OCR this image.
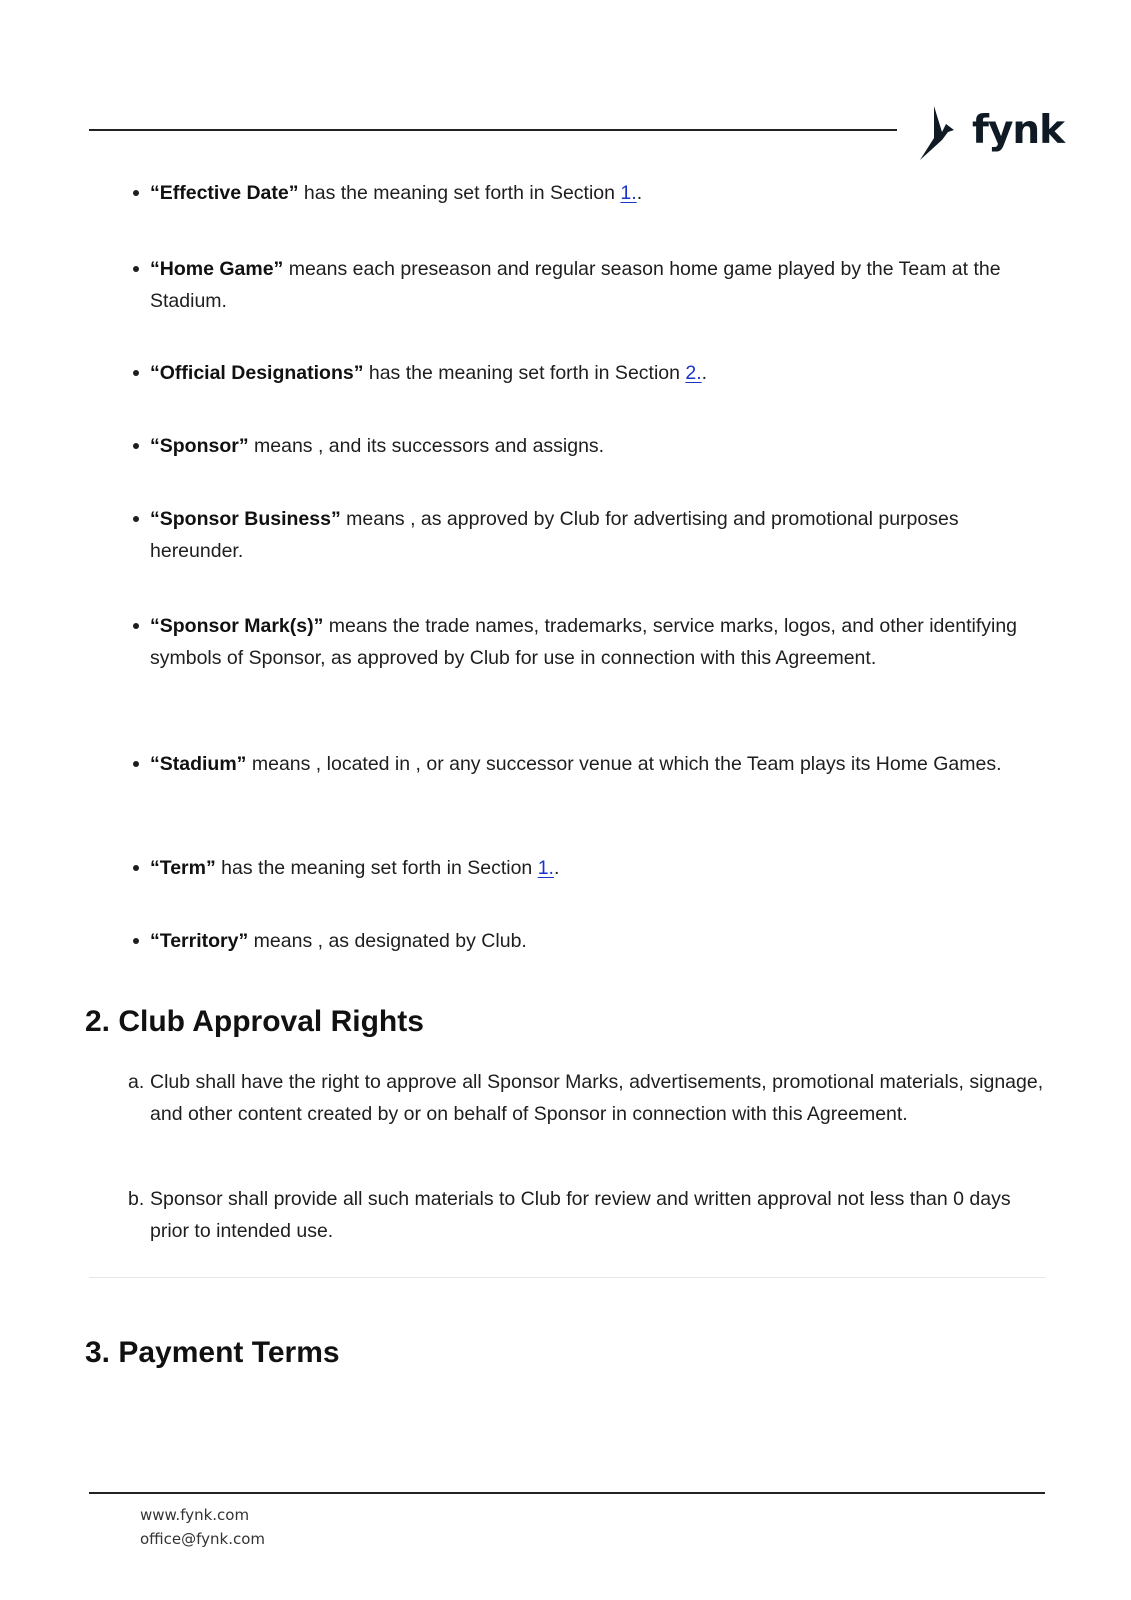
fynk
“Effective Date” has the meaning set forth in Section 1..
“Home Game” means each preseason and regular season home game played by the Team at the Stadium.
“Official Designations” has the meaning set forth in Section 2..
“Sponsor” means , and its successors and assigns.
“Sponsor Business” means , as approved by Club for advertising and promotional purposes hereunder.
“Sponsor Mark(s)” means the trade names, trademarks, service marks, logos, and other identifying symbols of Sponsor, as approved by Club for use in connection with this Agreement.
“Stadium” means , located in , or any successor venue at which the Team plays its Home Games.
“Term” has the meaning set forth in Section 1..
“Territory” means , as designated by Club.
2. Club Approval Rights
a. Club shall have the right to approve all Sponsor Marks, advertisements, promotional materials, signage, and other content created by or on behalf of Sponsor in connection with this Agreement.
b. Sponsor shall provide all such materials to Club for review and written approval not less than 0 days prior to intended use.
3. Payment Terms
www.fynk.com
office@fynk.com
